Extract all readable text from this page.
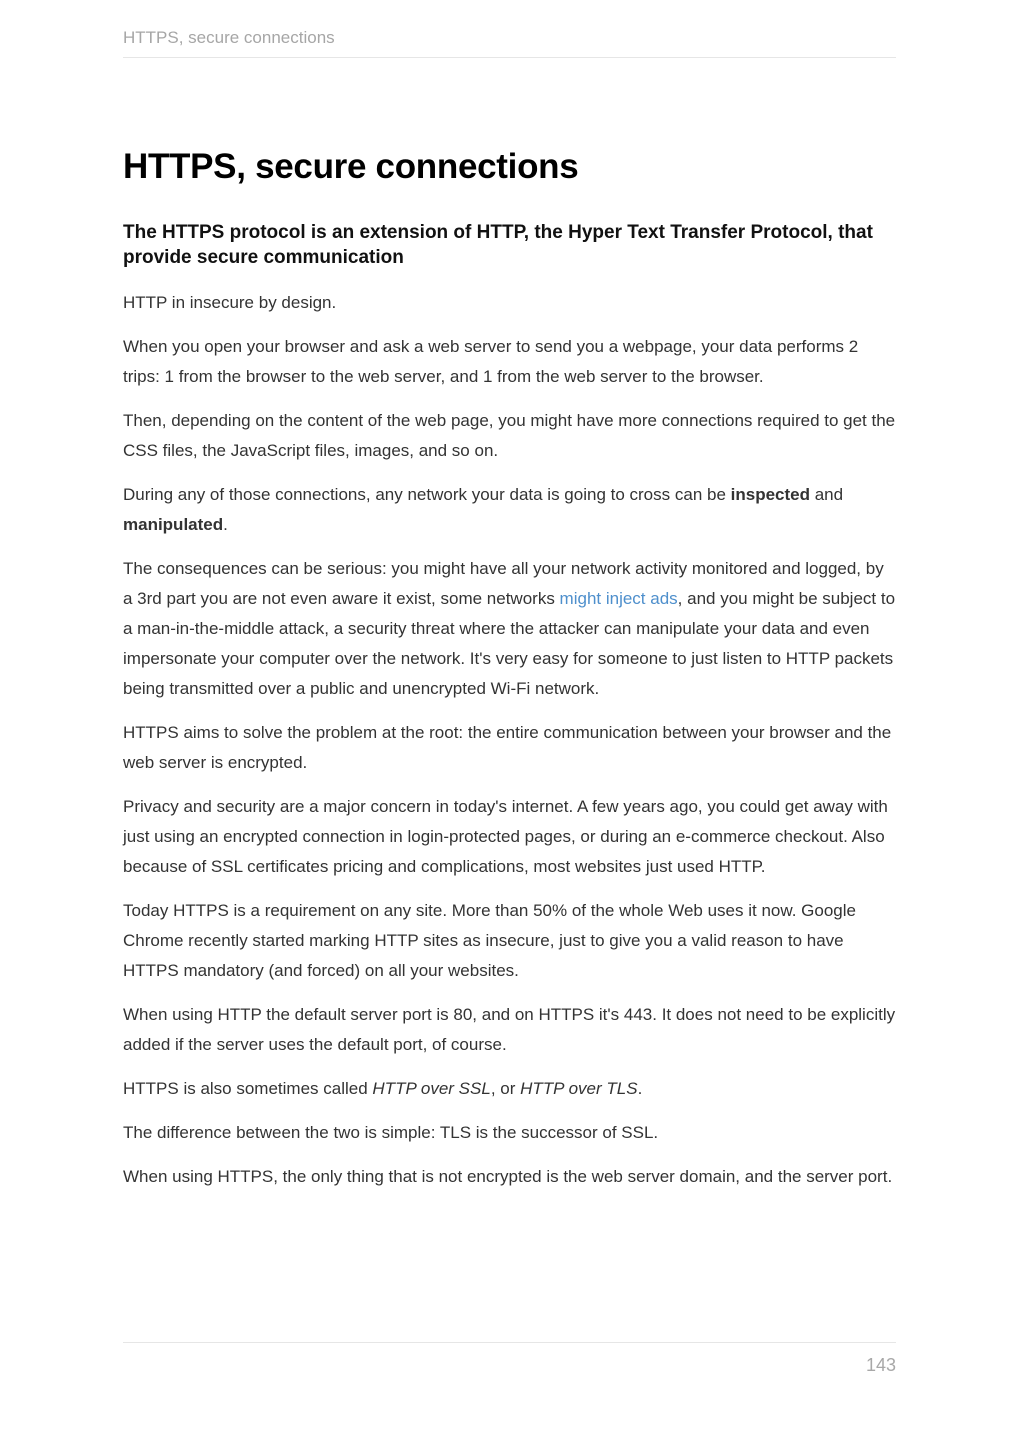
HTTPS, secure connections
HTTPS, secure connections
The HTTPS protocol is an extension of HTTP, the Hyper Text Transfer Protocol, that provide secure communication

HTTP in insecure by design.

When you open your browser and ask a web server to send you a webpage, your data performs 2 trips: 1 from the browser to the web server, and 1 from the web server to the browser.

Then, depending on the content of the web page, you might have more connections required to get the CSS files, the JavaScript files, images, and so on.

During any of those connections, any network your data is going to cross can be inspected and manipulated.

The consequences can be serious: you might have all your network activity monitored and logged, by a 3rd part you are not even aware it exist, some networks might inject ads, and you might be subject to a man-in-the-middle attack, a security threat where the attacker can manipulate your data and even impersonate your computer over the network. It's very easy for someone to just listen to HTTP packets being transmitted over a public and unencrypted Wi-Fi network.

HTTPS aims to solve the problem at the root: the entire communication between your browser and the web server is encrypted.

Privacy and security are a major concern in today's internet. A few years ago, you could get away with just using an encrypted connection in login-protected pages, or during an e-commerce checkout. Also because of SSL certificates pricing and complications, most websites just used HTTP.

Today HTTPS is a requirement on any site. More than 50% of the whole Web uses it now. Google Chrome recently started marking HTTP sites as insecure, just to give you a valid reason to have HTTPS mandatory (and forced) on all your websites.

When using HTTP the default server port is 80, and on HTTPS it's 443. It does not need to be explicitly added if the server uses the default port, of course.

HTTPS is also sometimes called HTTP over SSL, or HTTP over TLS.

The difference between the two is simple: TLS is the successor of SSL.

When using HTTPS, the only thing that is not encrypted is the web server domain, and the server port.

143
